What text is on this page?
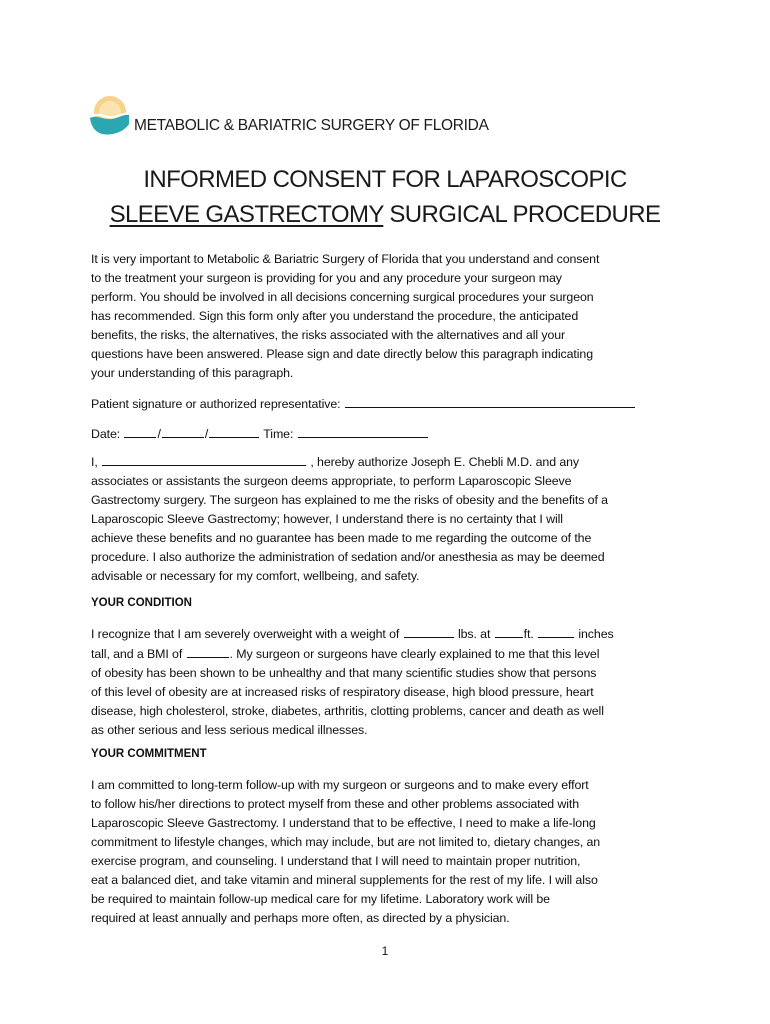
METABOLIC & BARIATRIC SURGERY OF FLORIDA
INFORMED CONSENT FOR LAPAROSCOPIC
SLEEVE GASTRECTOMY SURGICAL PROCEDURE
It is very important to Metabolic & Bariatric Surgery of Florida that you understand and consent
to the treatment your surgeon is providing for you and any procedure your surgeon may
perform. You should be involved in all decisions concerning surgical procedures your surgeon
has recommended. Sign this form only after you understand the procedure, the anticipated
benefits, the risks, the alternatives, the risks associated with the alternatives and all your
questions have been answered. Please sign and date directly below this paragraph indicating
your understanding of this paragraph.
Patient signature or authorized representative:
Date:	/	/	Time:
I,	, hereby authorize Joseph E. Chebli M.D. and any
associates or assistants the surgeon deems appropriate, to perform Laparoscopic Sleeve
Gastrectomy surgery. The surgeon has explained to me the risks of obesity and the benefits of a
Laparoscopic Sleeve Gastrectomy; however, I understand there is no certainty that I will
achieve these benefits and no guarantee has been made to me regarding the outcome of the
procedure. I also authorize the administration of sedation and/or anesthesia as may be deemed
advisable or necessary for my comfort, wellbeing, and safety.
YOUR CONDITION
I recognize that I am severely overweight with a weight of	lbs. at	ft.	inches
tall, and a BMI of	. My surgeon or surgeons have clearly explained to me that this level
of obesity has been shown to be unhealthy and that many scientific studies show that persons
of this level of obesity are at increased risks of respiratory disease, high blood pressure, heart
disease, high cholesterol, stroke, diabetes, arthritis, clotting problems, cancer and death as well
as other serious and less serious medical illnesses.
YOUR COMMITMENT
I am committed to long-term follow-up with my surgeon or surgeons and to make every effort
to follow his/her directions to protect myself from these and other problems associated with
Laparoscopic Sleeve Gastrectomy. I understand that to be effective, I need to make a life-long
commitment to lifestyle changes, which may include, but are not limited to, dietary changes, an
exercise program, and counseling. I understand that I will need to maintain proper nutrition,
eat a balanced diet, and take vitamin and mineral supplements for the rest of my life. I will also
be required to maintain follow-up medical care for my lifetime. Laboratory work will be
required at least annually and perhaps more often, as directed by a physician.
1
